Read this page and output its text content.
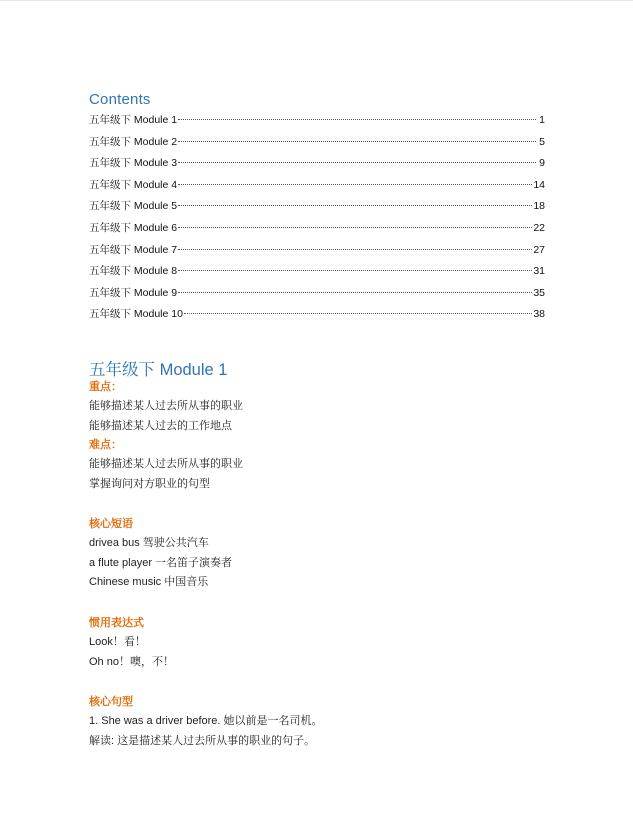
Contents
五年级下 Module 1	1
五年级下 Module 2	5
五年级下 Module 3	9
五年级下 Module 4	14
五年级下 Module 5	18
五年级下 Module 6	22
五年级下 Module 7	27
五年级下 Module 8	31
五年级下 Module 9	35
五年级下 Module 10	38
五年级下 Module 1
重点：
能够描述某人过去所从事的职业
能够描述某人过去的工作地点
难点：
能够描述某人过去所从事的职业
掌握询问对方职业的句型
核心短语
drivea bus 驾驶公共汽车
a flute player 一名笛子演奏者
Chinese music 中国音乐
惯用表达式
Look！看！
Oh no！噢，不！
核心句型
1. She was a driver before. 她以前是一名司机。
解读: 这是描述某人过去所从事的职业的句子。
